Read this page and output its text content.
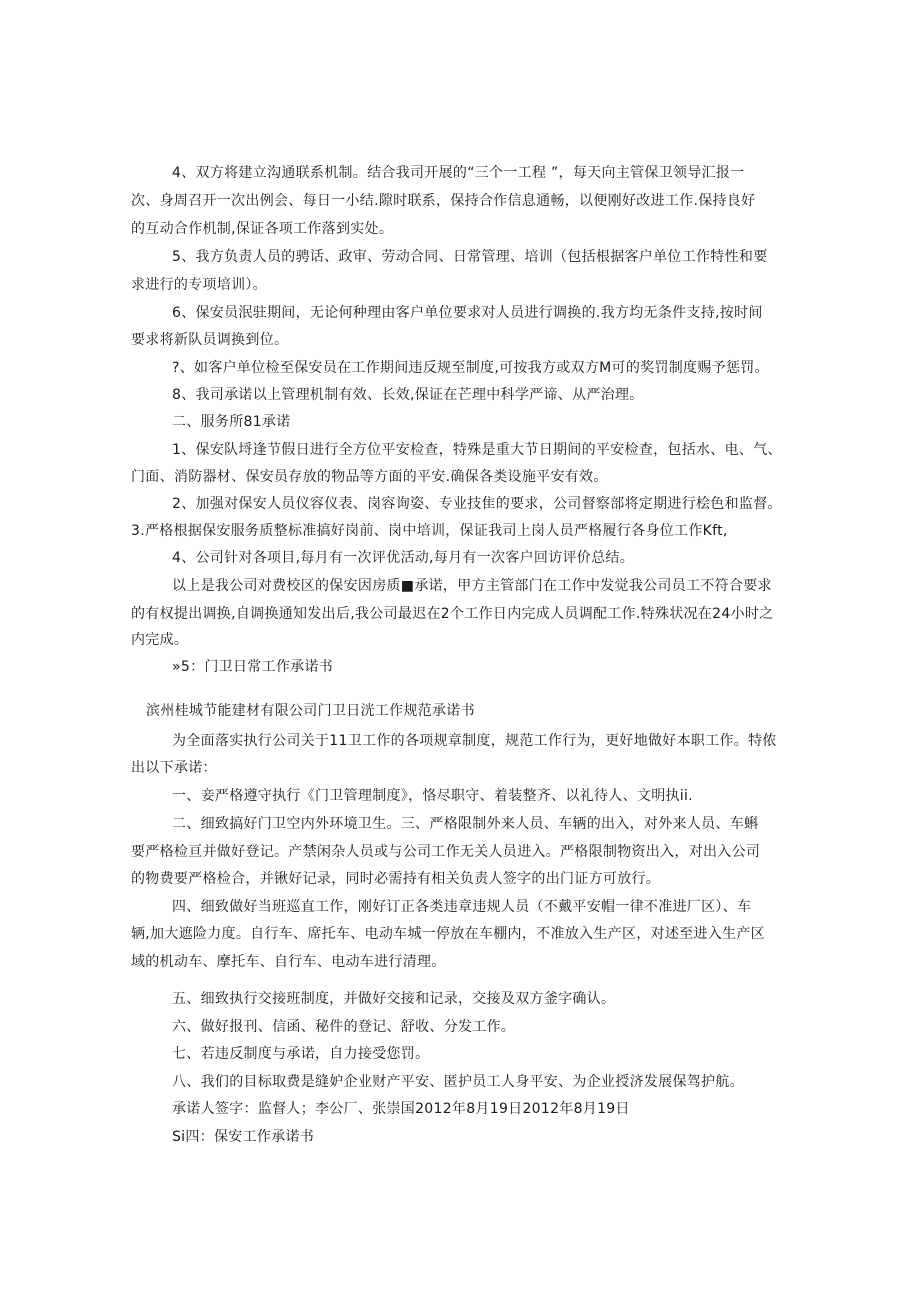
4、双方将建立沟通联系机制。结合我司开展的“三个一工程 ”，每天向主管保卫领导汇报一
次、身周召开一次出例会、每日一小结.隙时联系，保持合作信息通畅，以便刚好改进工作.保持良好
的互动合作机制,保证各项工作落到实处。
5、我方负责人员的骋话、政审、劳动合同、日常管理、培训（包括根据客户单位工作特性和要
求进行的专项培训）。
6、保安员泯驻期间，无论何种理由客户单位要求对人员进行调换的.我方均无条件支持,按时间
要求将新队员调换到位。
?、如客户单位检至保安员在工作期间违反规至制度,可按我方或双方M可的奖罚制度赐予惩罚。
8、我司承诺以上管理机制有效、长效,保证在芒理中科学严谛、从严治理。
二、服务所81承诺
1、保安队埒逢节假日进行全方位平安检查，特殊是重大节日期间的平安检查，包括水、电、气、
门面、消防器材、保安员存放的物品等方面的平安.确保各类设施平安有效。
2、加强对保安人员仪容仪表、岗容询姿、专业技隹的要求，公司督察部将定期进行桧色和监督。
3.严格根据保安服务质整标准搞好岗前、岗中培训，保证我司上岗人员严格履行各身位工作Kft,
4、公司针对各项目,每月有一次评优活动,每月有一次客户回访评价总结。
以上是我公司对费校区的保安因房质■承诺，甲方主管部门在工作中发觉我公司员工不符合要求
的有权提出调换,自调换通知发出后,我公司最迟在2个工作日内完成人员调配工作.特殊状况在24小时之
内完成。
»5：门卫日常工作承诺书
滨州桂城节能建材有限公司门卫日洸工作规范承诺书
为全面落实执行公司关于11卫工作的各项规章制度，规范工作行为，更好地做好本职工作。特侬
出以下承诺：
一、妾严格遵守执行《门卫管理制度》，恪尽职守、着装整齐、以礼待人、文明执ii.
二、细致搞好门卫空内外环境卫生。三、严格限制外来人员、车辆的出入，对外来人员、车蝌
要严格检亘并做好登记。产禁闲杂人员或与公司工作无关人员进入。严格限制物资出入，对出入公司
的物费要严格检合，并锹好记录，同时必需持有相关负责人签字的出门证方可放行。
四、细致做好当班巡直工作，刚好订正各类违章违规人员（不戴平安帽一律不准进厂区）、车
辆,加大遮险力度。自行车、席托车、电动车城一停放在车棚内，不准放入生产区，对述至进入生产区
域的机动车、摩托车、自行车、电动车进行清理。
五、细致执行交接班制度，并做好交接和记录，交接及双方釜字确认。
六、做好报刊、信函、秘件的登记、舒收、分发工作。
七、若违反制度与承诺，自力接受您罚。
八、我们的目标取费是缝妒企业财产平安、匿护员工人身平安、为企业授济发展保驾护航。
承诺人签字：监督人；李公厂、张崇国2012年8月19日2012年8月19日
Si四：保安工作承诺书
